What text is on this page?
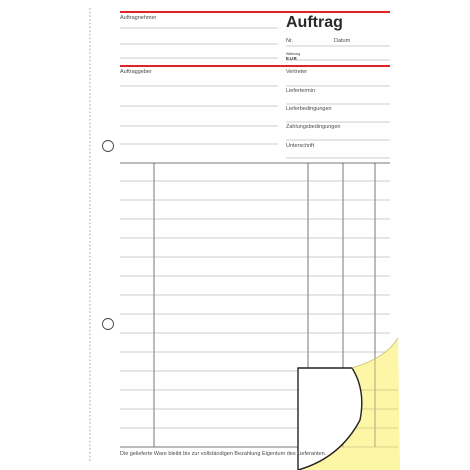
Auftragnehmer	Auftrag
Nr.	Datum
Währung
EUR
Auftraggeber	Vertreter
Liefertermin
Lieferbedingungen
Zahlungsbedingungen
Unterschrift
Die gelieferte Ware bleibt bis zur vollständigen Bezahlung Eigentum des Lieferanten.
